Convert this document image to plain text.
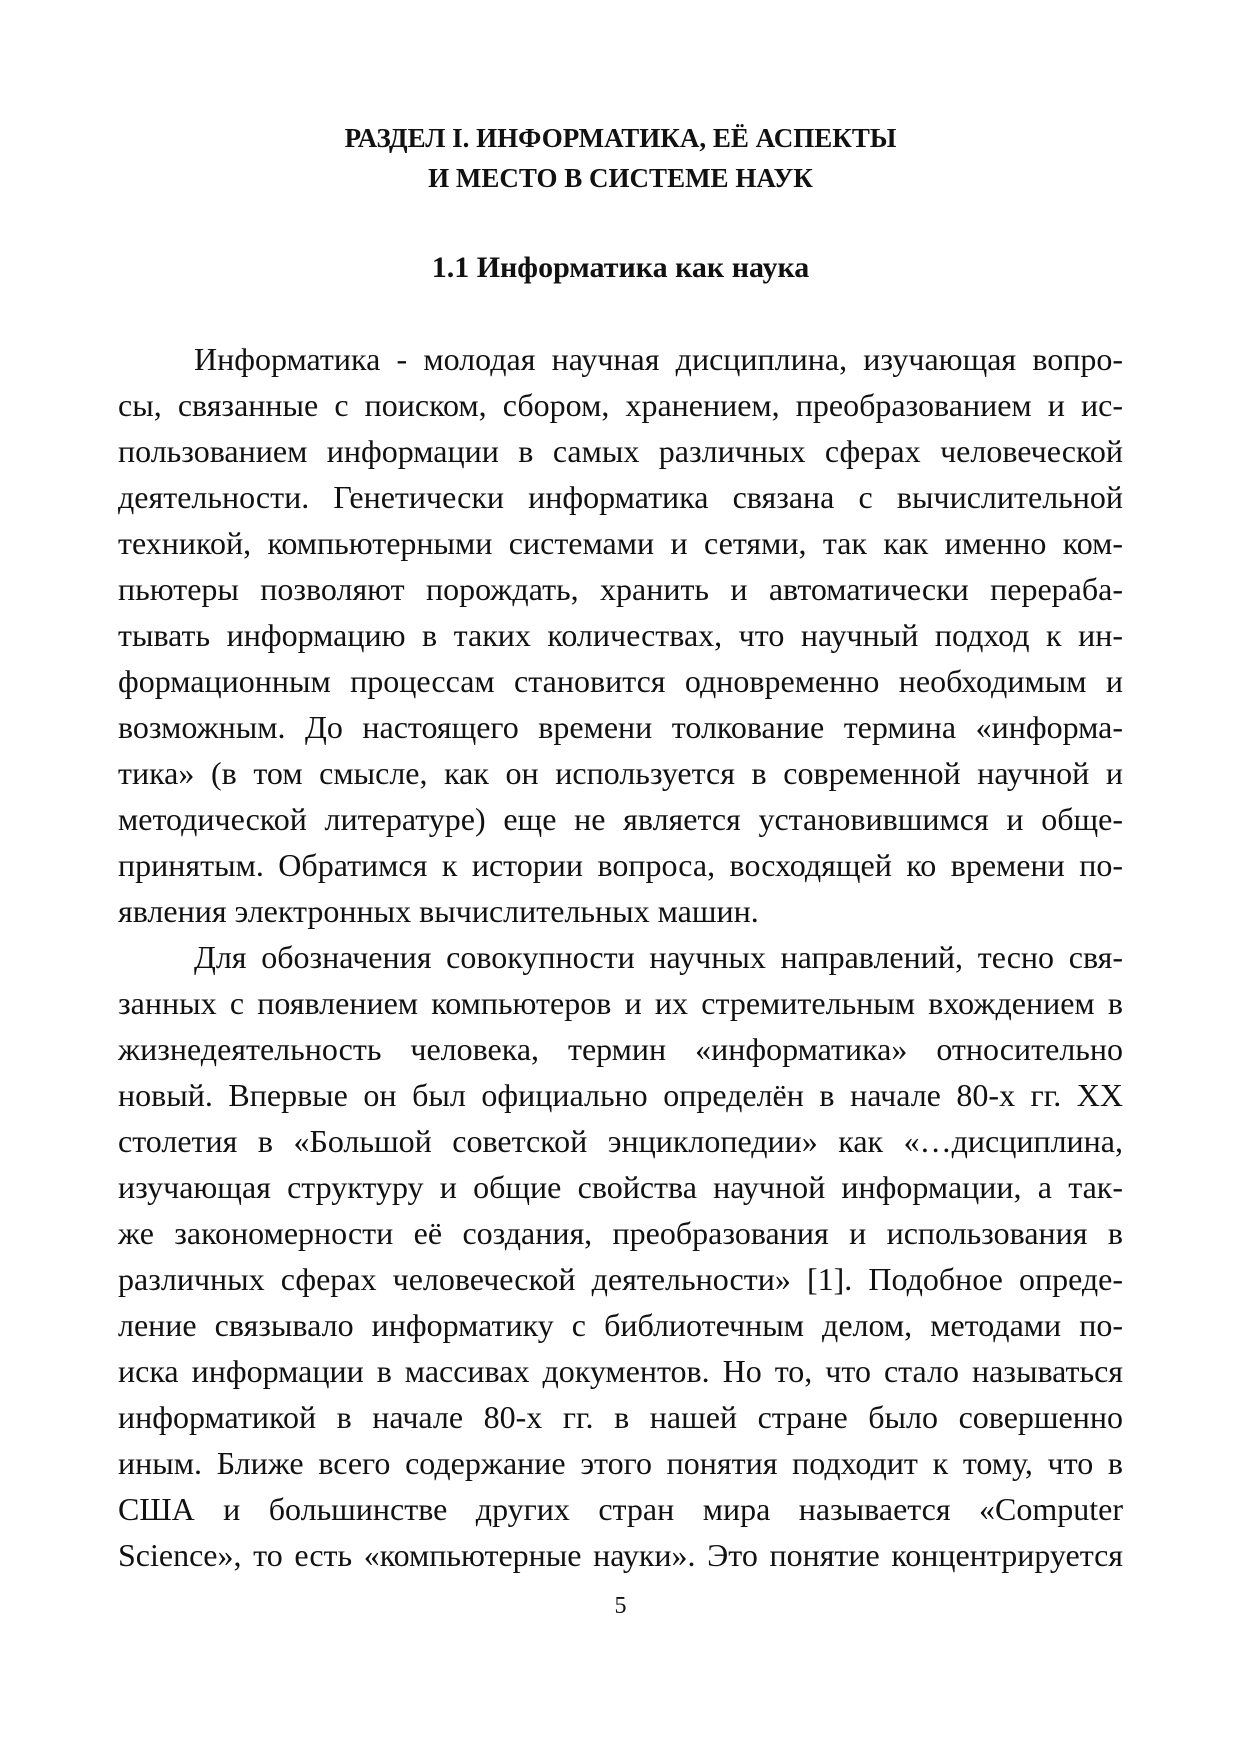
РАЗДЕЛ I. ИНФОРМАТИКА, ЕЁ АСПЕКТЫ
И МЕСТО В СИСТЕМЕ НАУК
1.1 Информатика как наука

Информатика - молодая научная дисциплина, изучающая вопро-
сы, связанные с поиском, сбором, хранением, преобразованием и ис-
пользованием информации в самых различных сферах человеческой
деятельности. Генетически информатика связана с вычислительной
техникой, компьютерными системами и сетями, так как именно ком-
пьютеры позволяют порождать, хранить и автоматически перераба-
тывать информацию в таких количествах, что научный подход к ин-
формационным процессам становится одновременно необходимым и
возможным. До настоящего времени толкование термина «информа-
тика» (в том смысле, как он используется в современной научной и
методической литературе) еще не является установившимся и обще-
принятым. Обратимся к истории вопроса, восходящей ко времени по-
явления электронных вычислительных машин.

Для обозначения совокупности научных направлений, тесно свя-
занных с появлением компьютеров и их стремительным вхождением в
жизнедеятельность человека, термин «информатика» относительно
новый. Впервые он был официально определён в начале 80-х гг. XX
столетия в «Большой советской энциклопедии» как «…дисциплина,
изучающая структуру и общие свойства научной информации, а так-
же закономерности её создания, преобразования и использования в
различных сферах человеческой деятельности» [1]. Подобное опреде-
ление связывало информатику с библиотечным делом, методами по-
иска информации в массивах документов. Но то, что стало называться
информатикой в начале 80-х гг. в нашей стране было совершенно
иным. Ближе всего содержание этого понятия подходит к тому, что в
США и большинстве других стран мира называется «Computer
Science», то есть «компьютерные науки». Это понятие концентрируется

5
